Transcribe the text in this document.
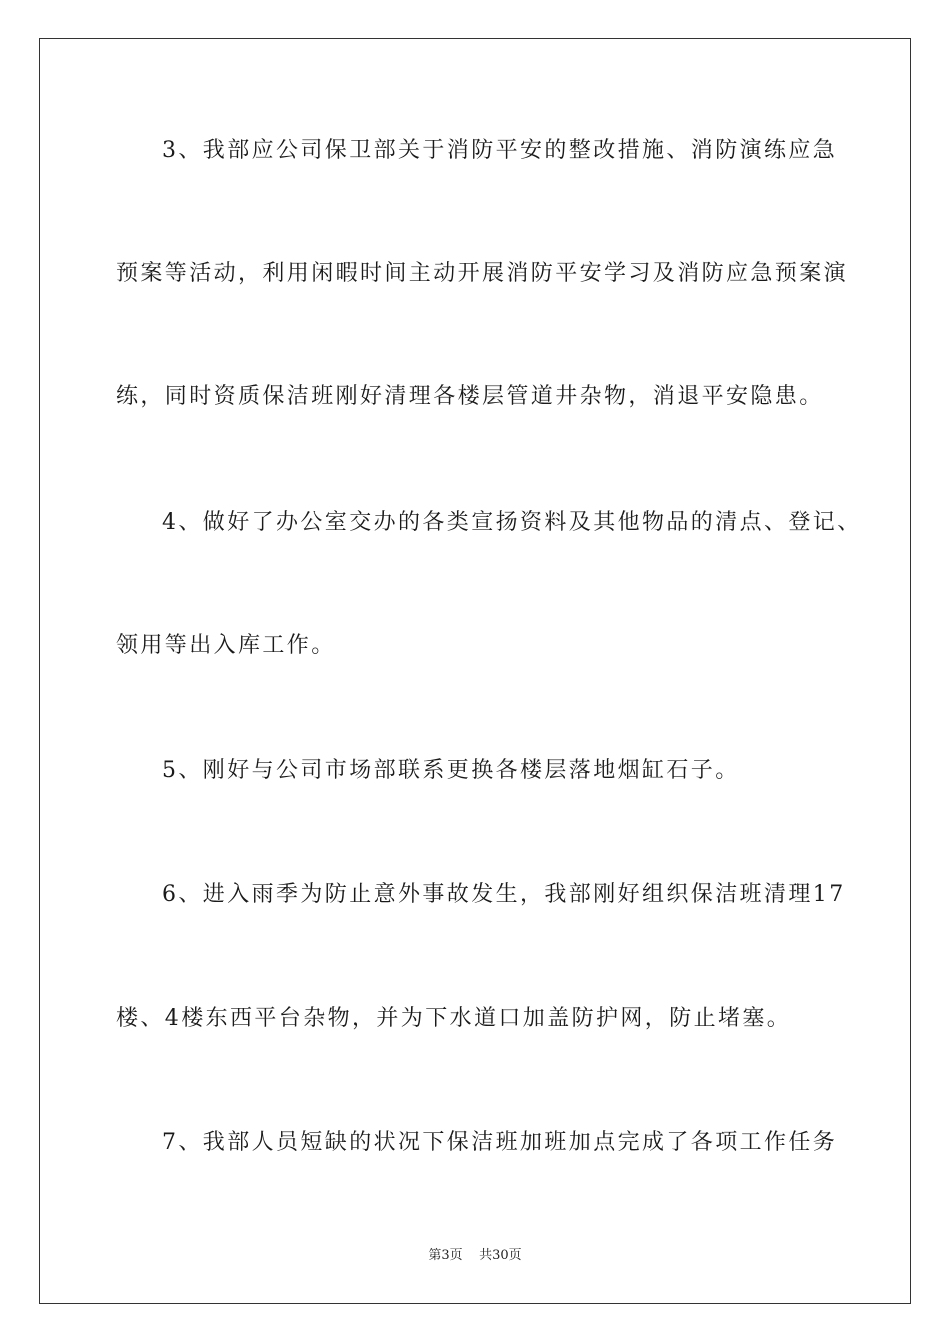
3、我部应公司保卫部关于消防平安的整改措施、消防演练应急
预案等活动，利用闲暇时间主动开展消防平安学习及消防应急预案演
练，同时资质保洁班刚好清理各楼层管道井杂物，消退平安隐患。
4、做好了办公室交办的各类宣扬资料及其他物品的清点、登记、
领用等出入库工作。
5、刚好与公司市场部联系更换各楼层落地烟缸石子。
6、进入雨季为防止意外事故发生，我部刚好组织保洁班清理17
楼、4楼东西平台杂物，并为下水道口加盖防护网，防止堵塞。
7、我部人员短缺的状况下保洁班加班加点完成了各项工作任务
第3页 共30页
